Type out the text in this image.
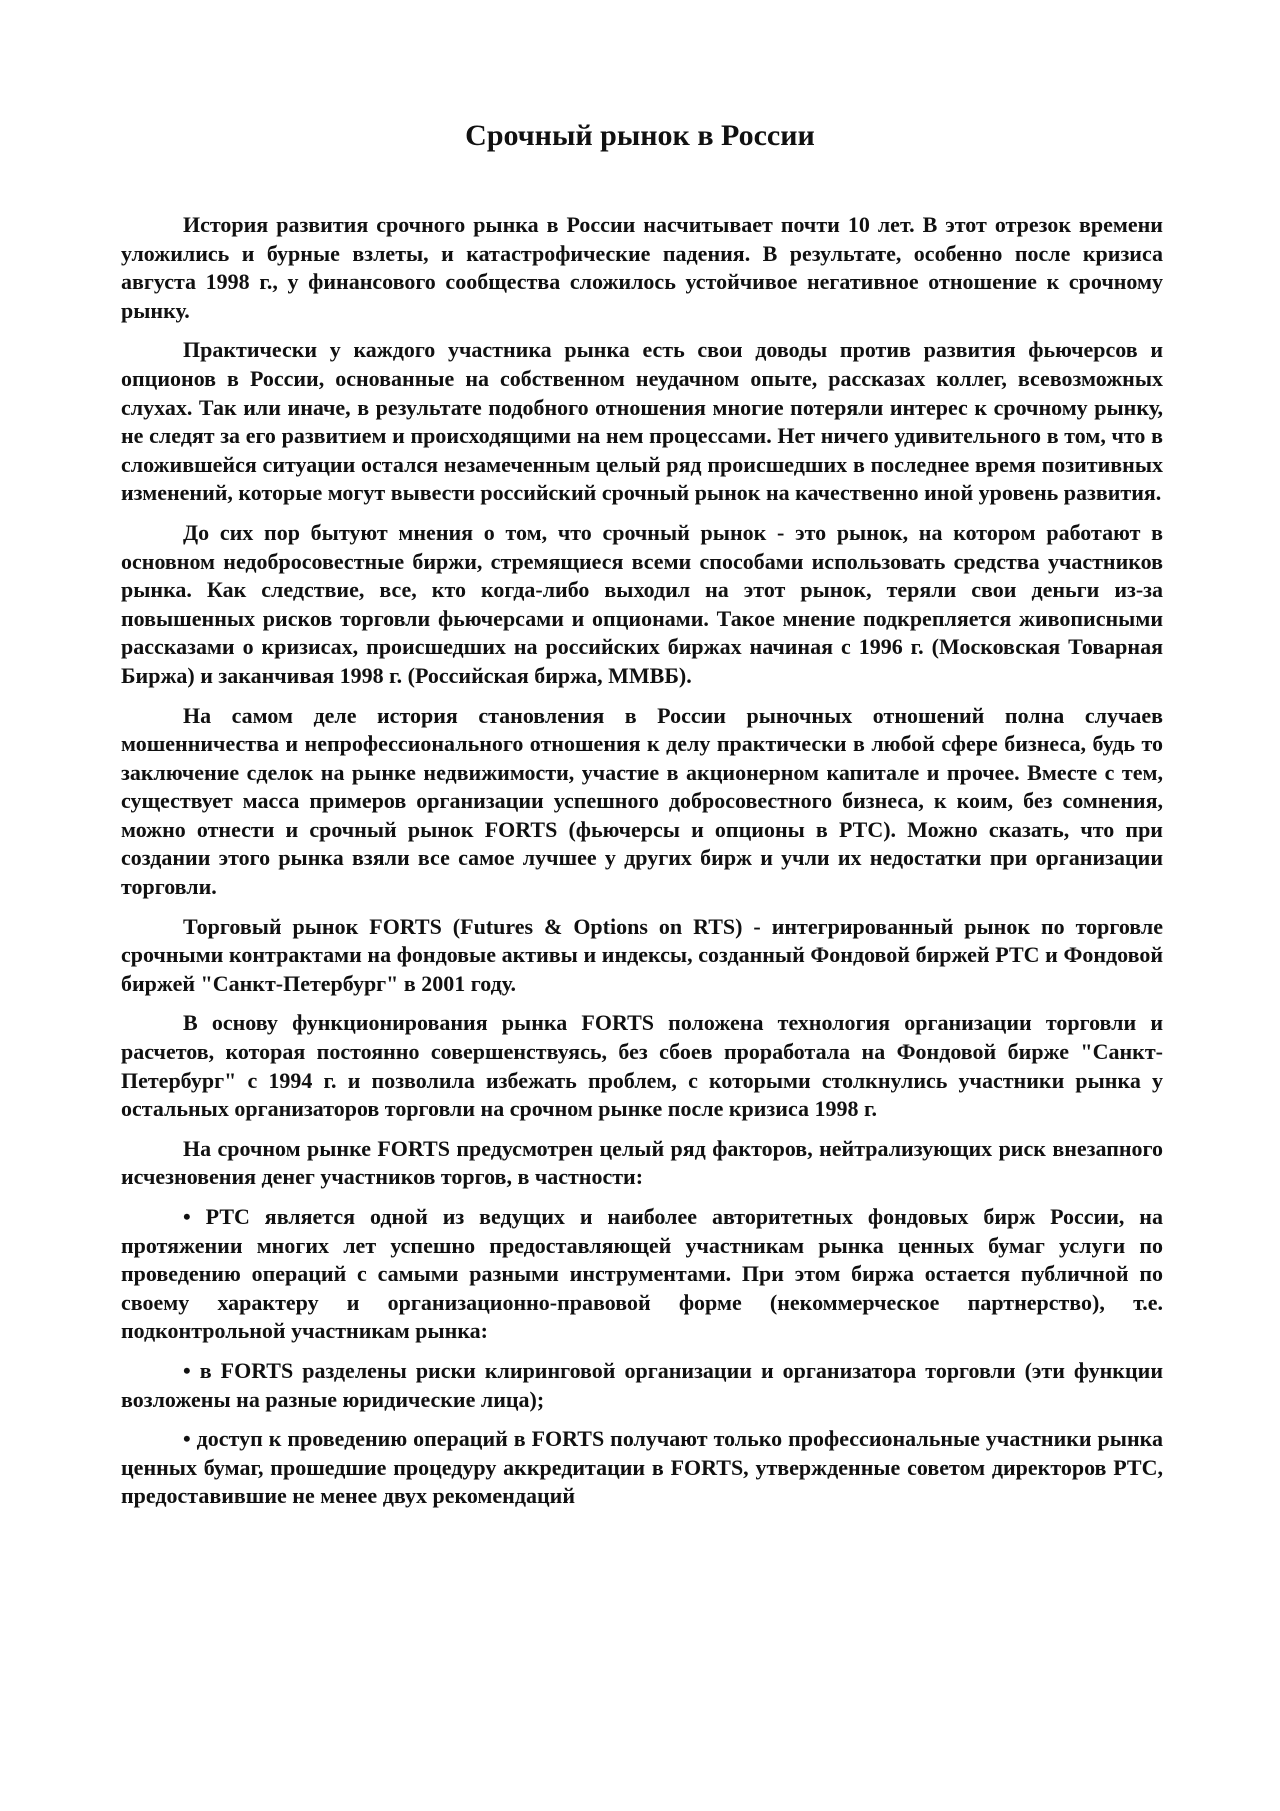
Срочный рынок в России

История развития срочного рынка в России насчитывает почти 10 лет. В этот отрезок времени уложились и бурные взлеты, и катастрофические падения. В результате, особенно после кризиса августа 1998 г., у финансового сообщества сложилось устойчивое негативное отношение к срочному рынку.

Практически у каждого участника рынка есть свои доводы против развития фьючерсов и опционов в России, основанные на собственном неудачном опыте, рассказах коллег, всевозможных слухах. Так или иначе, в результате подобного отношения многие потеряли интерес к срочному рынку, не следят за его развитием и происходящими на нем процессами. Нет ничего удивительного в том, что в сложившейся ситуации остался незамеченным целый ряд происшедших в последнее время позитивных изменений, которые могут вывести российский срочный рынок на качественно иной уровень развития.

До сих пор бытуют мнения о том, что срочный рынок - это рынок, на котором работают в основном недобросовестные биржи, стремящиеся всеми способами использовать средства участников рынка. Как следствие, все, кто когда-либо выходил на этот рынок, теряли свои деньги из-за повышенных рисков торговли фьючерсами и опционами. Такое мнение подкрепляется живописными рассказами о кризисах, происшедших на российских биржах начиная с 1996 г. (Московская Товарная Биржа) и заканчивая 1998 г. (Российская биржа, ММВБ).

На самом деле история становления в России рыночных отношений полна случаев мошенничества и непрофессионального отношения к делу практически в любой сфере бизнеса, будь то заключение сделок на рынке недвижимости, участие в акционерном капитале и прочее. Вместе с тем, существует масса примеров организации успешного добросовестного бизнеса, к коим, без сомнения, можно отнести и срочный рынок FORTS (фьючерсы и опционы в РТС). Можно сказать, что при создании этого рынка взяли все самое лучшее у других бирж и учли их недостатки при организации торговли.

Торговый рынок FORTS (Futures & Options on RTS) - интегрированный рынок по торговле срочными контрактами на фондовые активы и индексы, созданный Фондовой биржей РТС и Фондовой биржей "Санкт-Петербург" в 2001 году.

В основу функционирования рынка FORTS положена технология организации торговли и расчетов, которая постоянно совершенствуясь, без сбоев проработала на Фондовой бирже "Санкт-Петербург" с 1994 г. и позволила избежать проблем, с которыми столкнулись участники рынка у остальных организаторов торговли на срочном рынке после кризиса 1998 г.

На срочном рынке FORTS предусмотрен целый ряд факторов, нейтрализующих риск внезапного исчезновения денег участников торгов, в частности:

• РТС является одной из ведущих и наиболее авторитетных фондовых бирж России, на протяжении многих лет успешно предоставляющей участникам рынка ценных бумаг услуги по проведению операций с самыми разными инструментами. При этом биржа остается публичной по своему характеру и организационно-правовой форме (некоммерческое партнерство), т.е. подконтрольной участникам рынка:

• в FORTS разделены риски клиринговой организации и организатора торговли (эти функции возложены на разные юридические лица);

• доступ к проведению операций в FORTS получают только профессиональные участники рынка ценных бумаг, прошедшие процедуру аккредитации в FORTS, утвержденные советом директоров РТС, предоставившие не менее двух рекомендаций
